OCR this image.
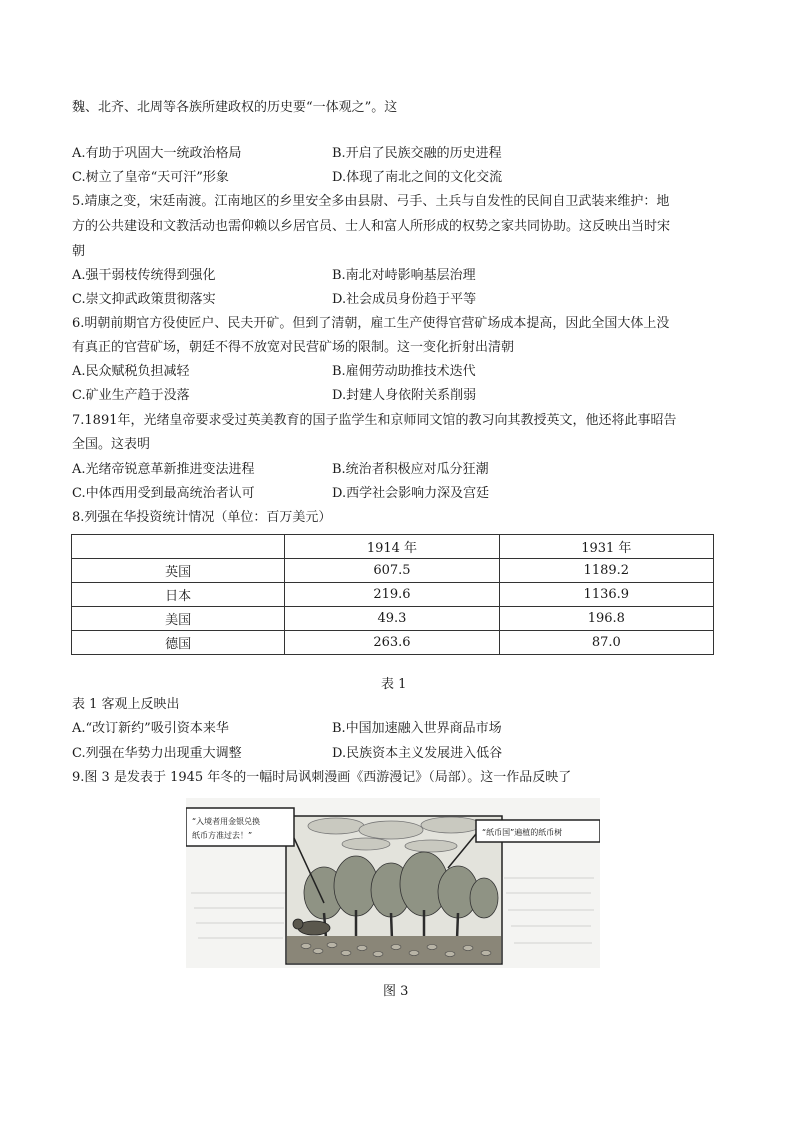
魏、北齐、北周等各族所建政权的历史要“一体观之”。这
A.有助于巩固大一统政治格局	B.开启了民族交融的历史进程
C.树立了皇帝“天可汗”形象	D.体现了南北之间的文化交流
5.靖康之变，宋廷南渡。江南地区的乡里安全多由县尉、弓手、土兵与自发性的民间自卫武装来维护：地
方的公共建设和文教活动也需仰赖以乡居官员、士人和富人所形成的权势之家共同协助。这反映出当时宋
朝
A.强干弱枝传统得到强化	B.南北对峙影响基层治理
C.崇文抑武政策贯彻落实	D.社会成员身份趋于平等
6.明朝前期官方役使匠户、民夫开矿。但到了清朝，雇工生产使得官营矿场成本提高，因此全国大体上没
有真正的官营矿场，朝廷不得不放宽对民营矿场的限制。这一变化折射出清朝
A.民众赋税负担减轻	B.雇佣劳动助推技术迭代
C.矿业生产趋于没落	D.封建人身依附关系削弱
7.1891年，光绪皇帝要求受过英美教育的国子监学生和京师同文馆的教习向其教授英文，他还将此事昭告
全国。这表明
A.光绪帝锐意革新推进变法进程	B.统治者积极应对瓜分狂潮
C.中体西用受到最高统治者认可	D.西学社会影响力深及宫廷
8.列强在华投资统计情况（单位：百万美元）
	1914 年	1931 年
英国	607.5	1189.2
日本	219.6	1136.9
美国	49.3	196.8
德国	263.6	87.0
表 1
表 1 客观上反映出
A.“改订新约”吸引资本来华	B.中国加速融入世界商品市场
C.列强在华势力出现重大调整	D.民族资本主义发展进入低谷
9.图 3 是发表于 1945 年冬的一幅时局讽刺漫画《西游漫记》（局部）。这一作品反映了
“入境者用金银兑换
纸币方准过去！”	“纸币国”遍植的纸币树
图 3
